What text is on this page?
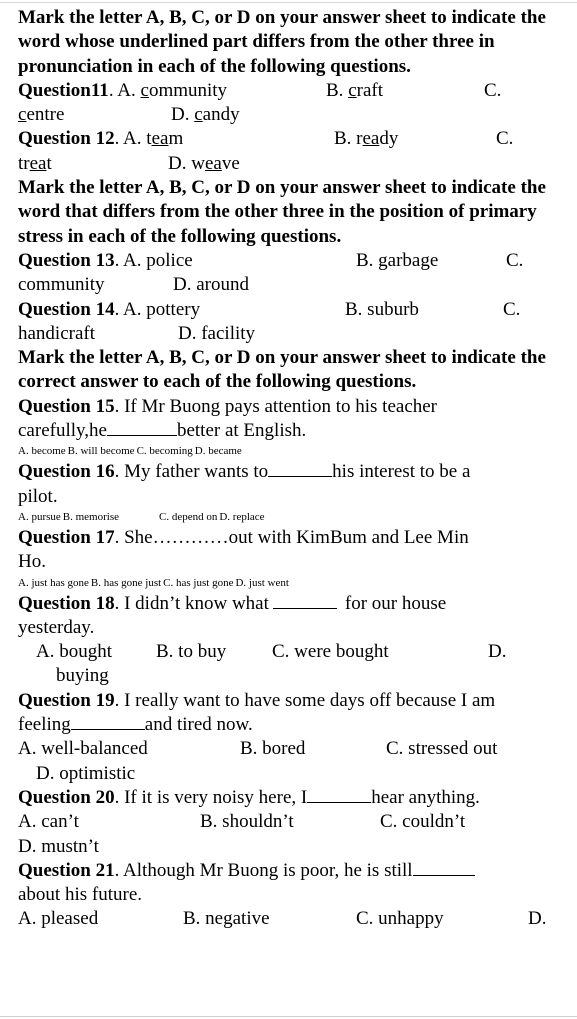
Mark the letter A, B, C, or D on your answer sheet to indicate the word whose underlined part differs from the other three in pronunciation in each of the following questions.

Question11. A. community	B. craft	C.
centre	D. candy
Question 12. A. team	B. ready	C.
treat	D. weave

Mark the letter A, B, C, or D on your answer sheet to indicate the word that differs from the other three in the position of primary stress in each of the following questions.

Question 13. A. police	B. garbage	C.
community	D. around
Question 14. A. pottery	B. suburb	C.
handicraft	D. facility

Mark the letter A, B, C, or D on your answer sheet to indicate the correct answer to each of the following questions.

Question 15. If Mr Buong pays attention to his teacher
carefully,he	better at English.
A. become B. will become C. becoming D. became
Question 16. My father wants to	his interest to be a
pilot.
A. pursue B. memorise	C. depend on D. replace
Question 17. She…………out with KimBum and Lee Min
Ho.
A. just has gone B. has gone just C. has just gone D. just went
Question 18. I didn’t know what	for our house
yesterday.
A. bought B. to buy C. were bought	D.
buying
Question 19. I really want to have some days off because I am
feeling	and tired now.
A. well-balanced	B. bored	C. stressed out
D. optimistic
Question 20. If it is very noisy here, I	hear anything.
A. can’t	B. shouldn’t	C. couldn’t
D. mustn’t
Question 21. Although Mr Buong is poor, he is still
about his future.
A. pleased	B. negative	C. unhappy	D.
